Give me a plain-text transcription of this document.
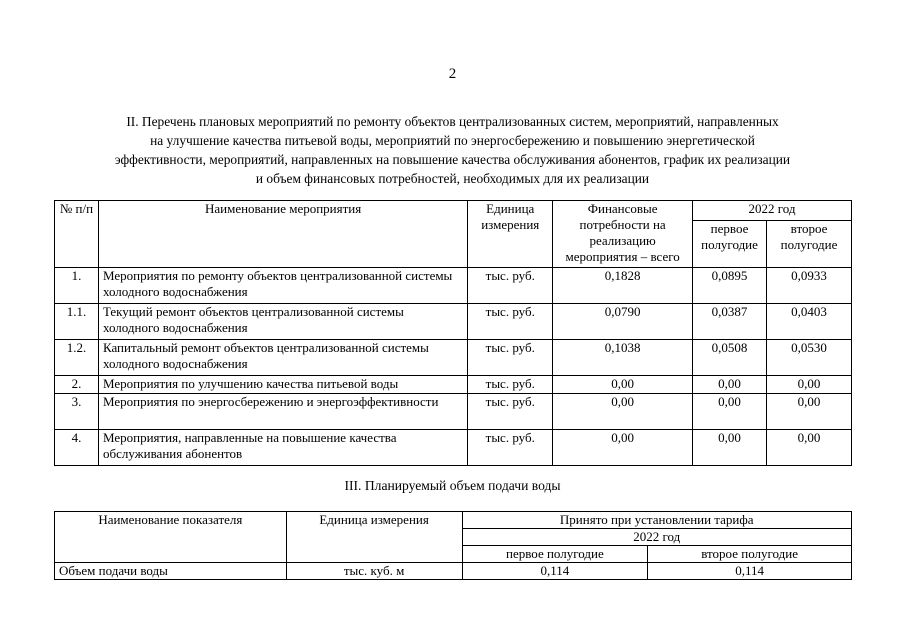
2
II. Перечень плановых мероприятий по ремонту объектов централизованных систем, мероприятий, направленных
на улучшение качества питьевой воды, мероприятий по энергосбережению и повышению энергетической
эффективности, мероприятий, направленных на повышение качества обслуживания абонентов, график их реализации
и объем финансовых потребностей, необходимых для их реализации
№ п/п	Наименование мероприятия	Единица измерения	Финансовые потребности на реализацию мероприятия – всего	2022 год	
				первое полугодие	второе полугодие
1.	Мероприятия по ремонту объектов централизованной системы холодного водоснабжения	тыс. руб.	0,1828	0,0895	0,0933
1.1.	Текущий ремонт объектов централизованной системы холодного водоснабжения	тыс. руб.	0,0790	0,0387	0,0403
1.2.	Капитальный ремонт объектов централизованной системы холодного водоснабжения	тыс. руб.	0,1038	0,0508	0,0530
2.	Мероприятия по улучшению качества питьевой воды	тыс. руб.	0,00	0,00	0,00
3.	Мероприятия по энергосбережению и энергоэффективности	тыс. руб.	0,00	0,00	0,00
4.	Мероприятия, направленные на повышение качества обслуживания абонентов	тыс. руб.	0,00	0,00	0,00
III. Планируемый объем подачи воды
Наименование показателя	Единица измерения	Принято при установлении тарифа	
		2022 год	
		первое полугодие	второе полугодие
Объем подачи воды	тыс. куб. м	0,114	0,114
